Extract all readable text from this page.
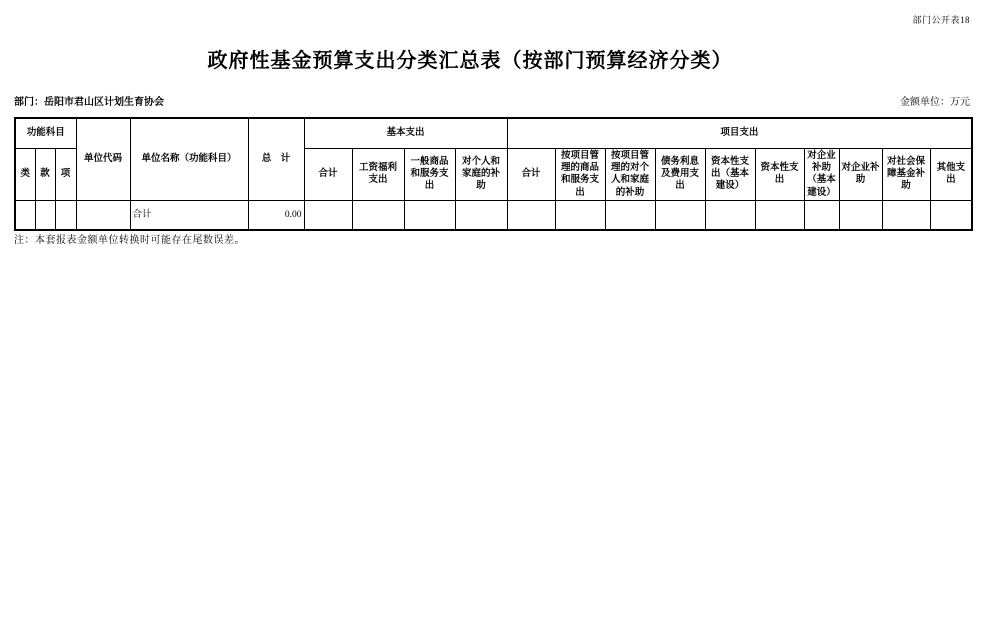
部门公开表18
政府性基金预算支出分类汇总表（按部门预算经济分类）
部门：岳阳市君山区计划生育协会	金额单位：万元
功能科目			单位代码	单位名称（功能科目）	总　计	基本支出				项目支出									
类	款	项				合计	工资福利支出	一般商品和服务支出	对个人和家庭的补助	合计	按项目管理的商品和服务支出	按项目管理的对个人和家庭的补助	债务利息及费用支出	资本性支出（基本建设）	资本性支出	对企业补助（基本建设）	对企业补助	对社会保障基金补助	其他支出
				合计	0.00														
注：本套报表金额单位转换时可能存在尾数误差。
